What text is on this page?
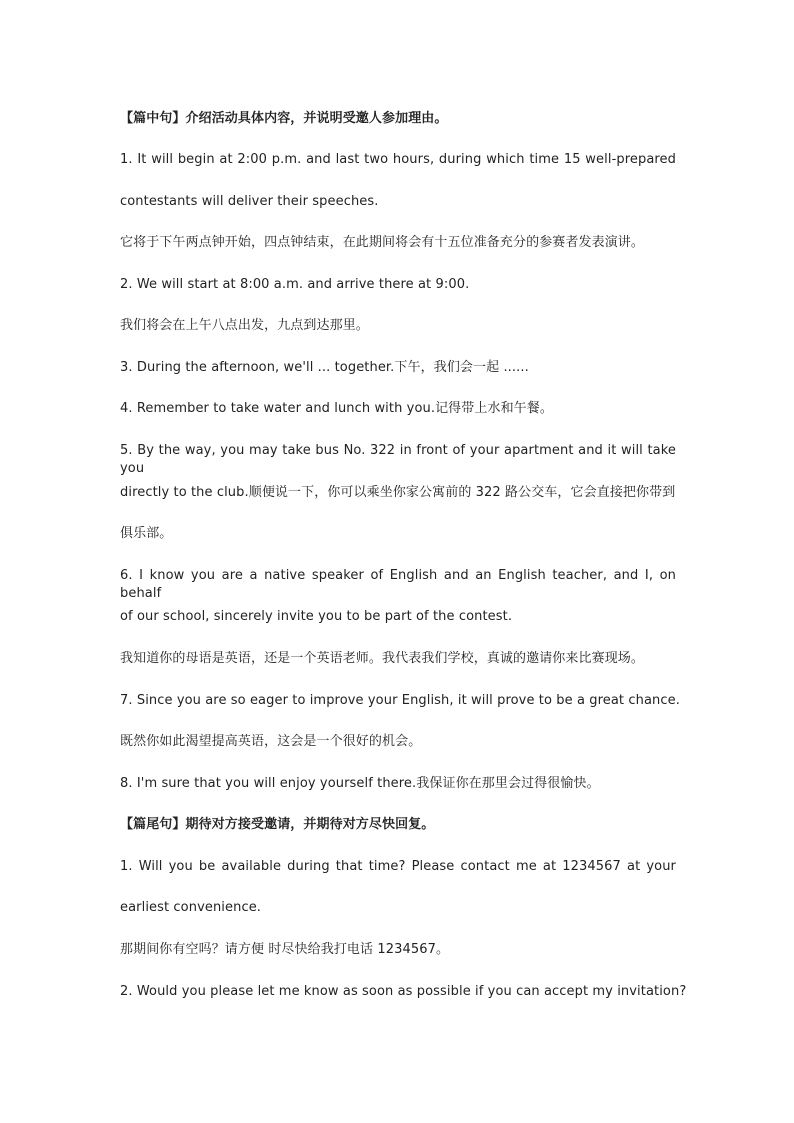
【篇中句】介绍活动具体内容，并说明受邀人参加理由。
1. It will begin at 2:00 p.m. and last two hours, during which time 15 well-prepared
contestants will deliver their speeches.
它将于下午两点钟开始，四点钟结束，在此期间将会有十五位准备充分的参赛者发表演讲。
2. We will start at 8:00 a.m. and arrive there at 9:00.
我们将会在上午八点出发，九点到达那里。
3. During the afternoon, we'll ... together.下午，我们会一起 ......
4. Remember to take water and lunch with you.记得带上水和午餐。
5. By the way, you may take bus No. 322 in front of your apartment and it will take you
directly to the club.顺便说一下，你可以乘坐你家公寓前的 322 路公交车，它会直接把你带到
俱乐部。
6. I know you are a native speaker of English and an English teacher, and I, on behalf
of our school, sincerely invite you to be part of the contest.
我知道你的母语是英语，还是一个英语老师。我代表我们学校，真诚的邀请你来比赛现场。
7. Since you are so eager to improve your English, it will prove to be a great chance.
既然你如此渴望提高英语，这会是一个很好的机会。
8. I'm sure that you will enjoy yourself there.我保证你在那里会过得很愉快。
【篇尾句】期待对方接受邀请，并期待对方尽快回复。
1. Will you be available during that time? Please contact me at 1234567 at your
earliest convenience.
那期间你有空吗？请方便 时尽快给我打电话 1234567。
2. Would you please let me know as soon as possible if you can accept my invitation?
